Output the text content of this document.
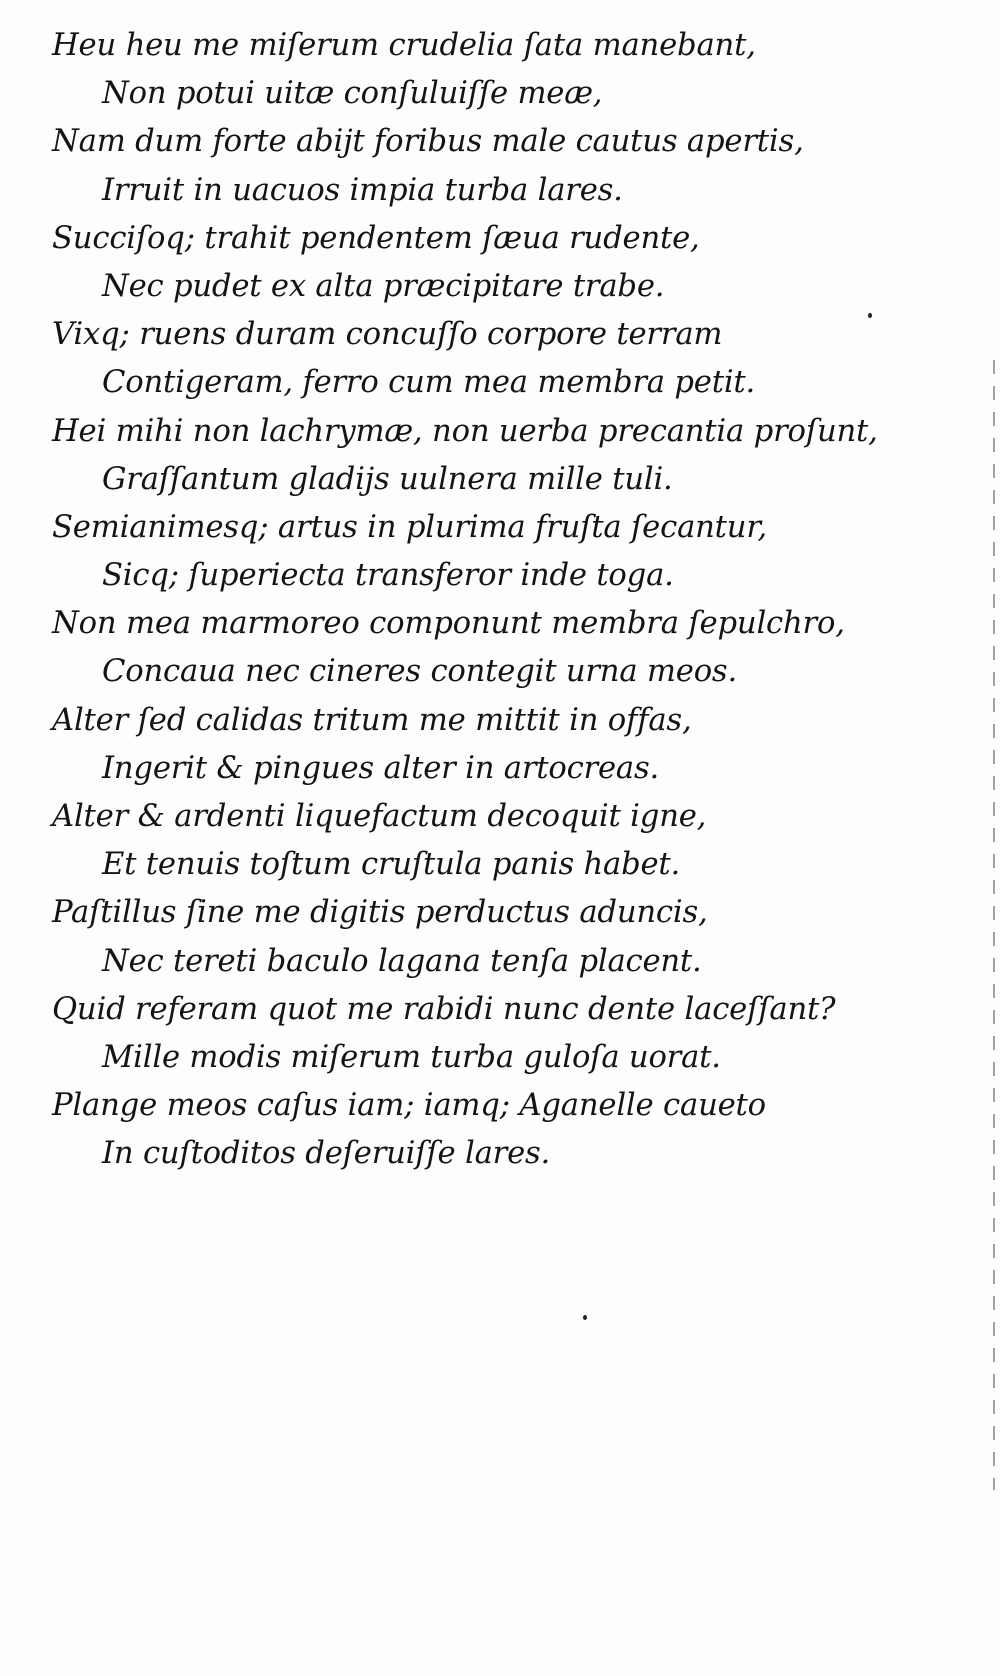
Heu heu me miſerum crudelia ſata manebant,
Non potui uitæ conſuluiſſe meæ,
Nam dum forte abijt foribus male cautus apertis,
Irruit in uacuos impia turba lares.
Succiſoq; trahit pendentem ſæua rudente,
Nec pudet ex alta præcipitare trabe.
Vixq; ruens duram concuſſo corpore terram
Contigeram, ferro cum mea membra petit.
Hei mihi non lachrymæ, non uerba precantia proſunt,
Graſſantum gladijs uulnera mille tuli.
Semianimesq; artus in plurima fruſta ſecantur,
Sicq; ſuperiecta transferor inde toga.
Non mea marmoreo componunt membra ſepulchro,
Concaua nec cineres contegit urna meos.
Alter ſed calidas tritum me mittit in offas,
Ingerit & pingues alter in artocreas.
Alter & ardenti liquefactum decoquit igne,
Et tenuis toſtum cruſtula panis habet.
Paſtillus ſine me digitis perductus aduncis,
Nec tereti baculo lagana tenſa placent.
Quid referam quot me rabidi nunc dente laceſſant?
Mille modis miſerum turba guloſa uorat.
Plange meos caſus iam; iamq; Aganelle caueto
In cuſtoditos deſeruiſſe lares.
